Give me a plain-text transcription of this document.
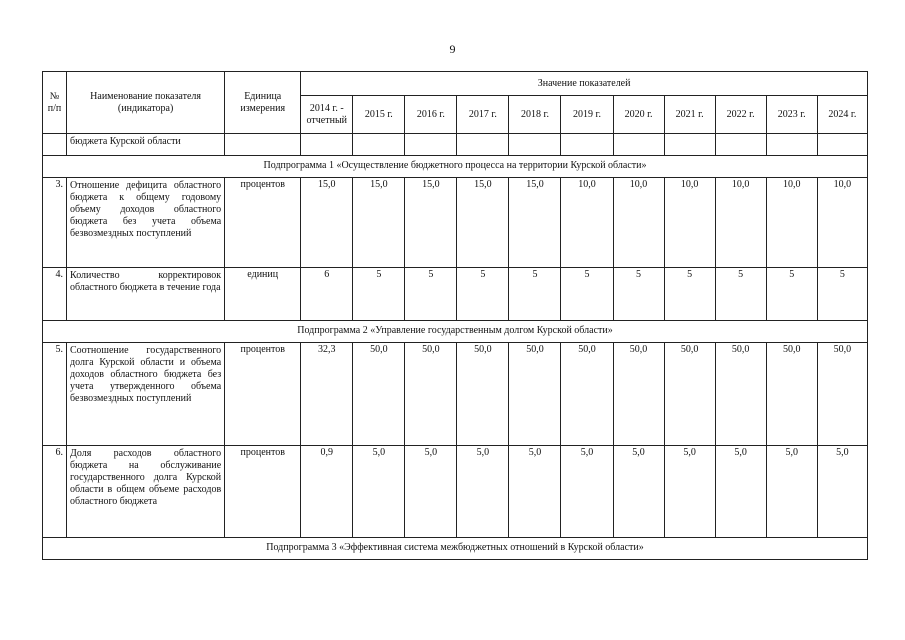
9
№ п/п	Наименование показателя (индикатора)	Единица измерения	Значение показателей										
			2014 г. - отчетный	2015 г.	2016 г.	2017 г.	2018 г.	2019 г.	2020 г.	2021 г.	2022 г.	2023 г.	2024 г.
	бюджета Курской области												
Подпрограмма 1 «Осуществление бюджетного процесса на территории Курской области»													
3.	Отношение дефицита областного бюджета к общему годовому объему доходов областного бюджета без учета объема безвозмездных поступлений	процентов	15,0	15,0	15,0	15,0	15,0	10,0	10,0	10,0	10,0	10,0	10,0
4.	Количество корректировок областного бюджета в течение года	единиц	6	5	5	5	5	5	5	5	5	5	5
Подпрограмма 2 «Управление государственным долгом Курской области»													
5.	Соотношение государственного долга Курской области и объема доходов областного бюджета без учета утвержденного объема безвозмездных поступлений	процентов	32,3	50,0	50,0	50,0	50,0	50,0	50,0	50,0	50,0	50,0	50,0
6.	Доля расходов областного бюджета на обслуживание государственного долга Курской области в общем объеме расходов областного бюджета	процентов	0,9	5,0	5,0	5,0	5,0	5,0	5,0	5,0	5,0	5,0	5,0
Подпрограмма 3 «Эффективная система межбюджетных отношений в Курской области»													
